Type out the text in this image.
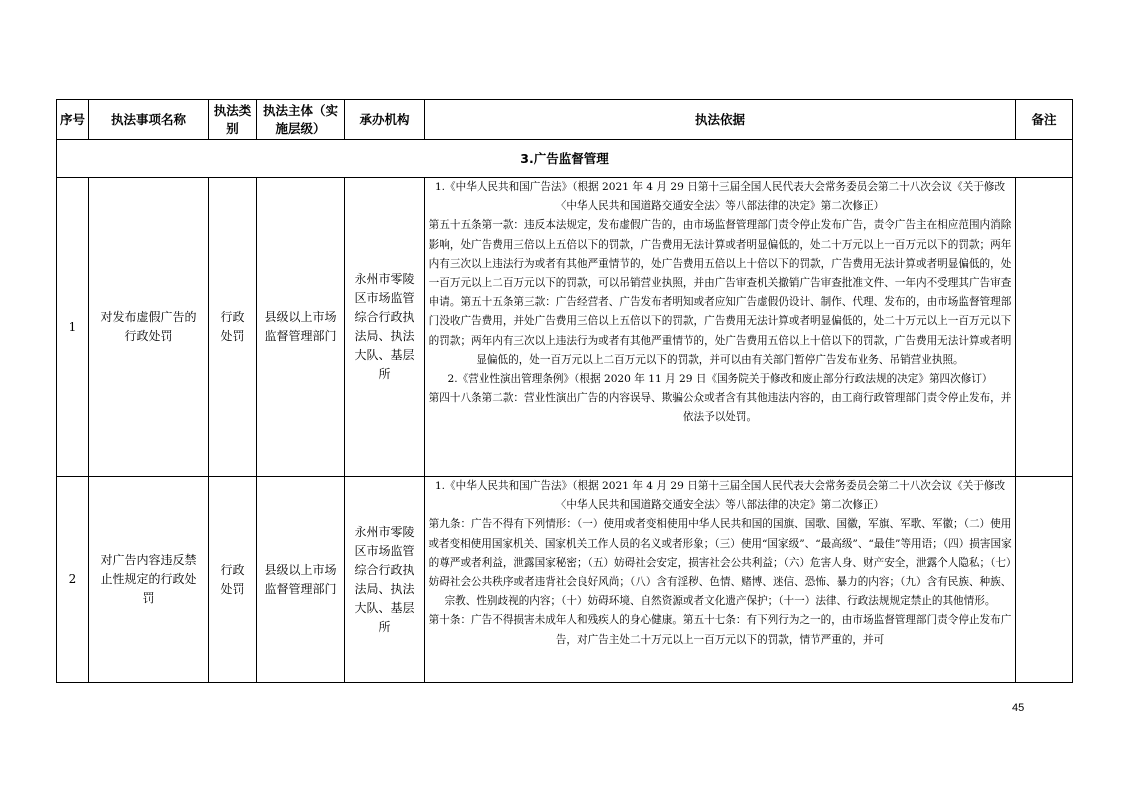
序号	执法事项名称	执法类别	执法主体（实施层级）	承办机构	执法依据	备注
3.广告监督管理						
1	对发布虚假广告的行政处罚	行政处罚	县级以上市场监督管理部门	永州市零陵区市场监管综合行政执法局、执法大队、基层所	1.《中华人民共和国广告法》（根据 2021 年 4 月 29 日第十三届全国人民代表大会常务委员会第二十八次会议《关于修改〈中华人民共和国道路交通安全法〉等八部法律的决定》第二次修正）

第五十五条第一款：违反本法规定，发布虚假广告的，由市场监督管理部门责令停止发布广告，责令广告主在相应范围内消除影响，处广告费用三倍以上五倍以下的罚款，广告费用无法计算或者明显偏低的，处二十万元以上一百万元以下的罚款；两年内有三次以上违法行为或者有其他严重情节的，处广告费用五倍以上十倍以下的罚款，广告费用无法计算或者明显偏低的，处一百万元以上二百万元以下的罚款，可以吊销营业执照，并由广告审查机关撤销广告审查批准文件、一年内不受理其广告审查申请。第五十五条第三款：广告经营者、广告发布者明知或者应知广告虚假仍设计、制作、代理、发布的，由市场监督管理部门没收广告费用，并处广告费用三倍以上五倍以下的罚款，广告费用无法计算或者明显偏低的，处二十万元以上一百万元以下的罚款；两年内有三次以上违法行为或者有其他严重情节的，处广告费用五倍以上十倍以下的罚款，广告费用无法计算或者明显偏低的，处一百万元以上二百万元以下的罚款，并可以由有关部门暂停广告发布业务、吊销营业执照。

2.《营业性演出管理条例》（根据 2020 年 11 月 29 日《国务院关于修改和废止部分行政法规的决定》第四次修订）

第四十八条第二款：营业性演出广告的内容误导、欺骗公众或者含有其他违法内容的，由工商行政管理部门责令停止发布，并依法予以处罚。	

2	对广告内容违反禁止性规定的行政处罚	行政处罚	县级以上市场监督管理部门	永州市零陵区市场监管综合行政执法局、执法大队、基层所	1.《中华人民共和国广告法》（根据 2021 年 4 月 29 日第十三届全国人民代表大会常务委员会第二十八次会议《关于修改〈中华人民共和国道路交通安全法〉等八部法律的决定》第二次修正）

第九条：广告不得有下列情形：（一）使用或者变相使用中华人民共和国的国旗、国歌、国徽，军旗、军歌、军徽；（二）使用或者变相使用国家机关、国家机关工作人员的名义或者形象；（三）使用“国家级”、“最高级”、“最佳”等用语；（四）损害国家的尊严或者利益，泄露国家秘密；（五）妨碍社会安定，损害社会公共利益；（六）危害人身、财产安全，泄露个人隐私；（七）妨碍社会公共秩序或者违背社会良好风尚；（八）含有淫秽、色情、赌博、迷信、恐怖、暴力的内容；（九）含有民族、种族、宗教、性别歧视的内容；（十）妨碍环境、自然资源或者文化遗产保护；（十一）法律、行政法规规定禁止的其他情形。

第十条：广告不得损害未成年人和残疾人的身心健康。第五十七条：有下列行为之一的，由市场监督管理部门责令停止发布广告，对广告主处二十万元以上一百万元以下的罚款，情节严重的，并可	

45
